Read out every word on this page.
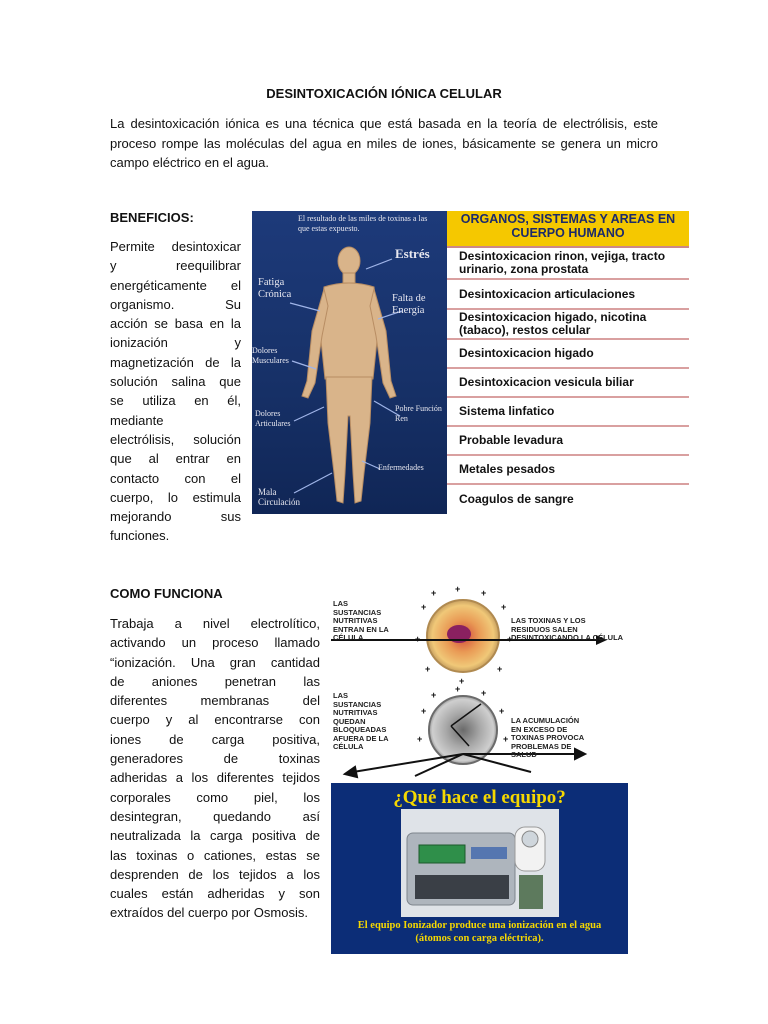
DESINTOXICACIÓN IÓNICA CELULAR
La desintoxicación iónica es una técnica que está basada en la teoría de electrólisis, este proceso rompe las moléculas del agua en miles de iones, básicamente se genera un micro campo eléctrico en el agua.
BENEFICIOS:
Permite desintoxicar
y reequilibrar
energéticamente el
organismo. Su
acción se basa en la
ionización y
magnetización de la
solución salina que
se utiliza en él,
mediante
electrólisis, solución
que al entrar en
contacto con el
cuerpo, lo estimula
mejorando sus
funciones.
El resultado de las miles de toxinas a las que estas expuesto.
Estrés
Fatiga Crónica	Falta de Energía
Dolores Musculares
Dolores Articulares
Pobre Función Ren
Enfermedades
Mala Circulación
ORGANOS, SISTEMAS Y AREAS EN CUERPO HUMANO
Desintoxicacion rinon, vejiga, tracto urinario, zona prostata
Desintoxicacion articulaciones
Desintoxicacion higado, nicotina (tabaco), restos celular
Desintoxicacion higado
Desintoxicacion vesicula biliar
Sistema linfatico
Probable levadura
Metales pesados
Coagulos de sangre
COMO FUNCIONA
Trabaja a nivel electrolítico,
activando un proceso llamado
“ionización. Una gran cantidad
de aniones penetran las
diferentes membranas del
cuerpo y al encontrarse con
iones de carga positiva,
generadores de toxinas
adheridas a los diferentes tejidos
corporales como piel, los
desintegran, quedando así
neutralizada la carga positiva de
las toxinas o cationes, estas se
desprenden de los tejidos a los
cuales están adheridas y son
extraídos del cuerpo por Osmosis.
+ + +
+
+
+
+
+
+
+
+
+ +
+
+
+
+
LAS SUSTANCIAS NUTRITIVAS ENTRAN EN LA CÉLULA
LAS TOXINAS Y LOS RESIDUOS SALEN DESINTOXICANDO LA CÉLULA
LAS SUSTANCIAS NUTRITIVAS QUEDAN BLOQUEADAS AFUERA DE LA CÉLULA
LA ACUMULACIÓN EN EXCESO DE TOXINAS PROVOCA PROBLEMAS DE SALUD
¿Qué hace el equipo?
El equipo Ionizador produce una ionización en el agua
(átomos con carga eléctrica).
